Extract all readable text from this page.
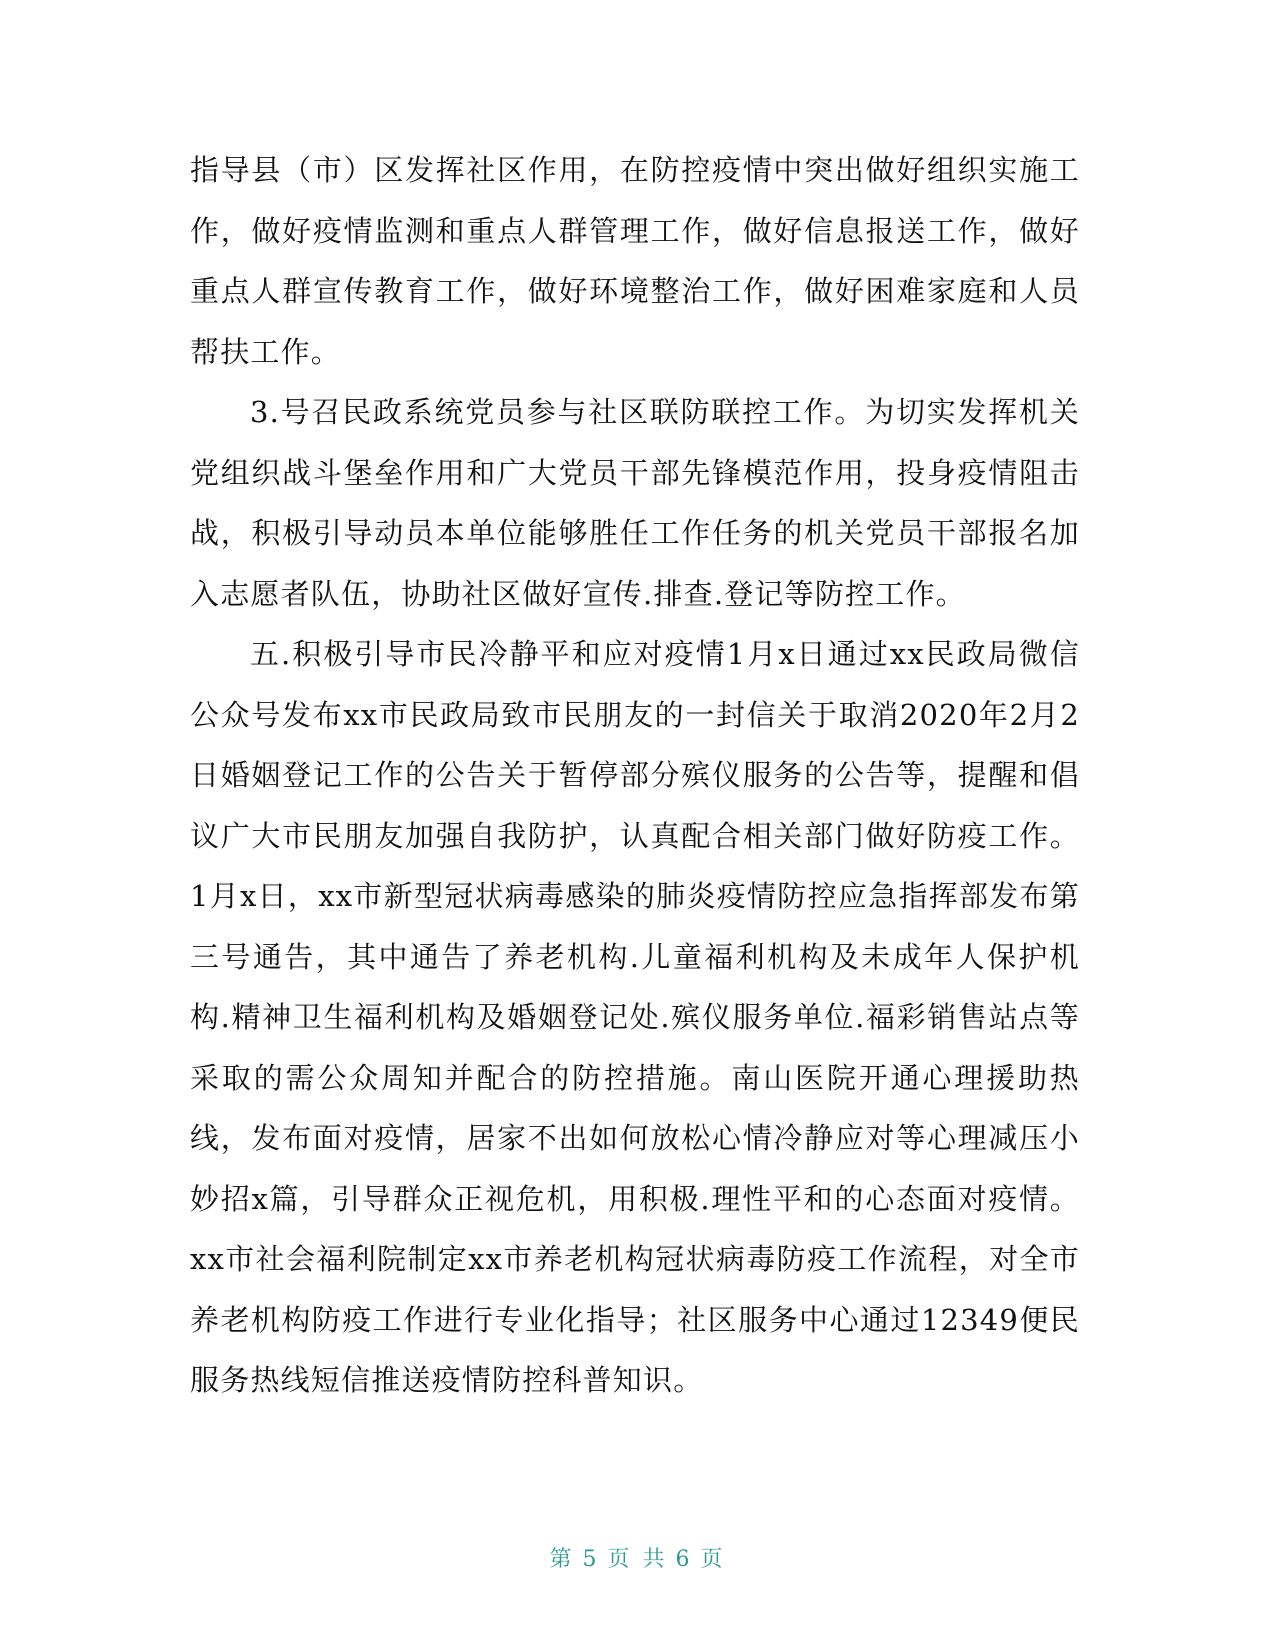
指导县（市）区发挥社区作用，在防控疫情中突出做好组织实施工作，做好疫情监测和重点人群管理工作，做好信息报送工作，做好重点人群宣传教育工作，做好环境整治工作，做好困难家庭和人员帮扶工作。

3.号召民政系统党员参与社区联防联控工作。为切实发挥机关党组织战斗堡垒作用和广大党员干部先锋模范作用，投身疫情阻击战，积极引导动员本单位能够胜任工作任务的机关党员干部报名加入志愿者队伍，协助社区做好宣传.排查.登记等防控工作。

五.积极引导市民冷静平和应对疫情1月x日通过xx民政局微信公众号发布xx市民政局致市民朋友的一封信关于取消2020年2月2日婚姻登记工作的公告关于暂停部分殡仪服务的公告等，提醒和倡议广大市民朋友加强自我防护，认真配合相关部门做好防疫工作。1月x日，xx市新型冠状病毒感染的肺炎疫情防控应急指挥部发布第三号通告，其中通告了养老机构.儿童福利机构及未成年人保护机构.精神卫生福利机构及婚姻登记处.殡仪服务单位.福彩销售站点等采取的需公众周知并配合的防控措施。南山医院开通心理援助热线，发布面对疫情，居家不出如何放松心情冷静应对等心理减压小妙招x篇，引导群众正视危机，用积极.理性平和的心态面对疫情。xx市社会福利院制定xx市养老机构冠状病毒防疫工作流程，对全市养老机构防疫工作进行专业化指导；社区服务中心通过12349便民服务热线短信推送疫情防控科普知识。

第 5 页 共 6 页
